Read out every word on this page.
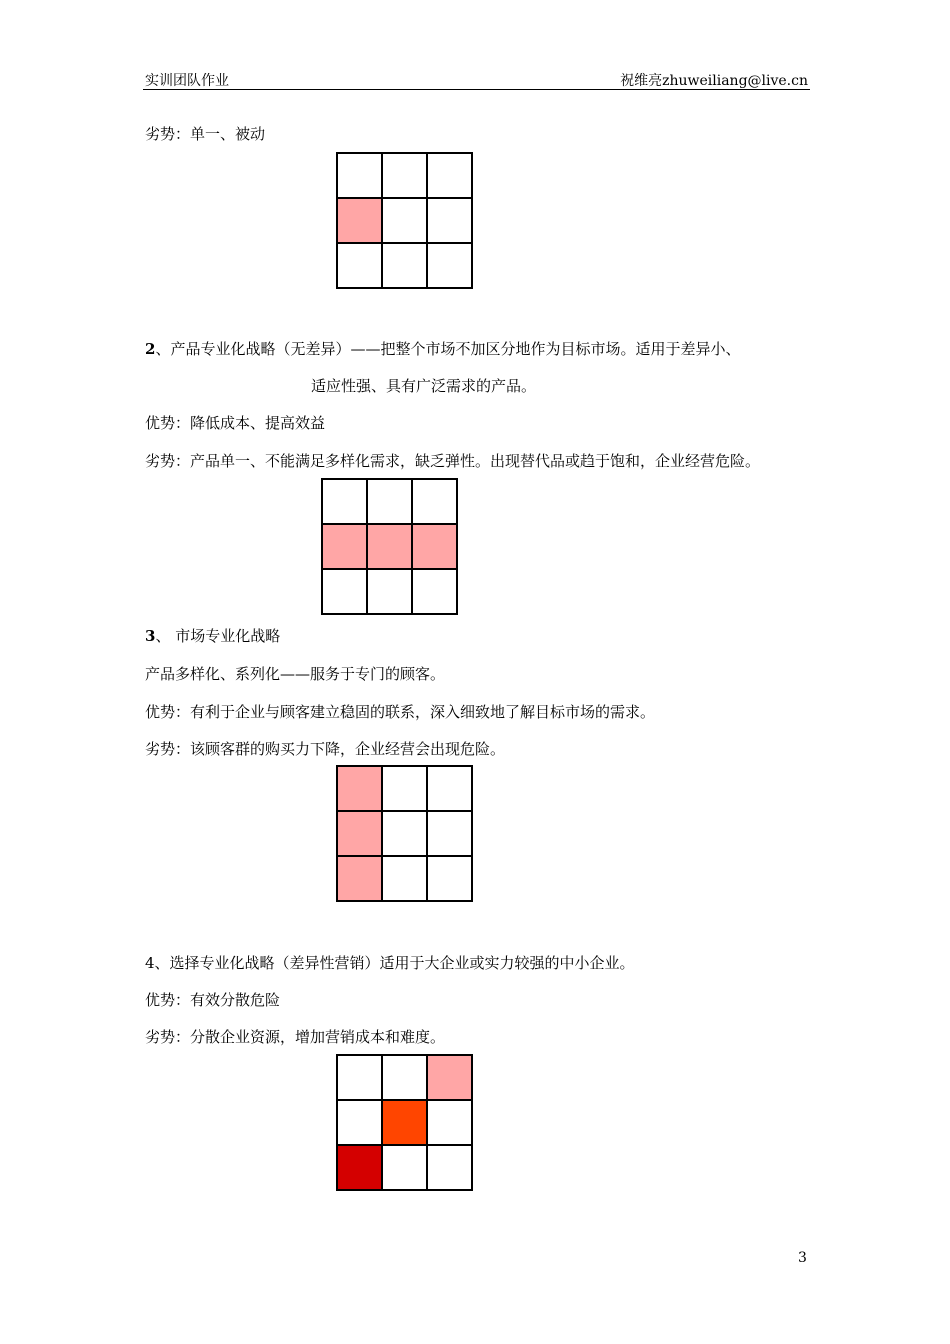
实训团队作业	祝维亮zhuweiliang@live.cn
劣势：单一、被动
2、产品专业化战略（无差异）——把整个市场不加区分地作为目标市场。适用于差异小、
适应性强、具有广泛需求的产品。
优势：降低成本、提高效益
劣势：产品单一、不能满足多样化需求，缺乏弹性。出现替代品或趋于饱和，企业经营危险。
3、 市场专业化战略
产品多样化、系列化——服务于专门的顾客。
优势：有利于企业与顾客建立稳固的联系，深入细致地了解目标市场的需求。
劣势：该顾客群的购买力下降，企业经营会出现危险。
4、选择专业化战略（差异性营销）适用于大企业或实力较强的中小企业。
优势：有效分散危险
劣势：分散企业资源，增加营销成本和难度。
3
